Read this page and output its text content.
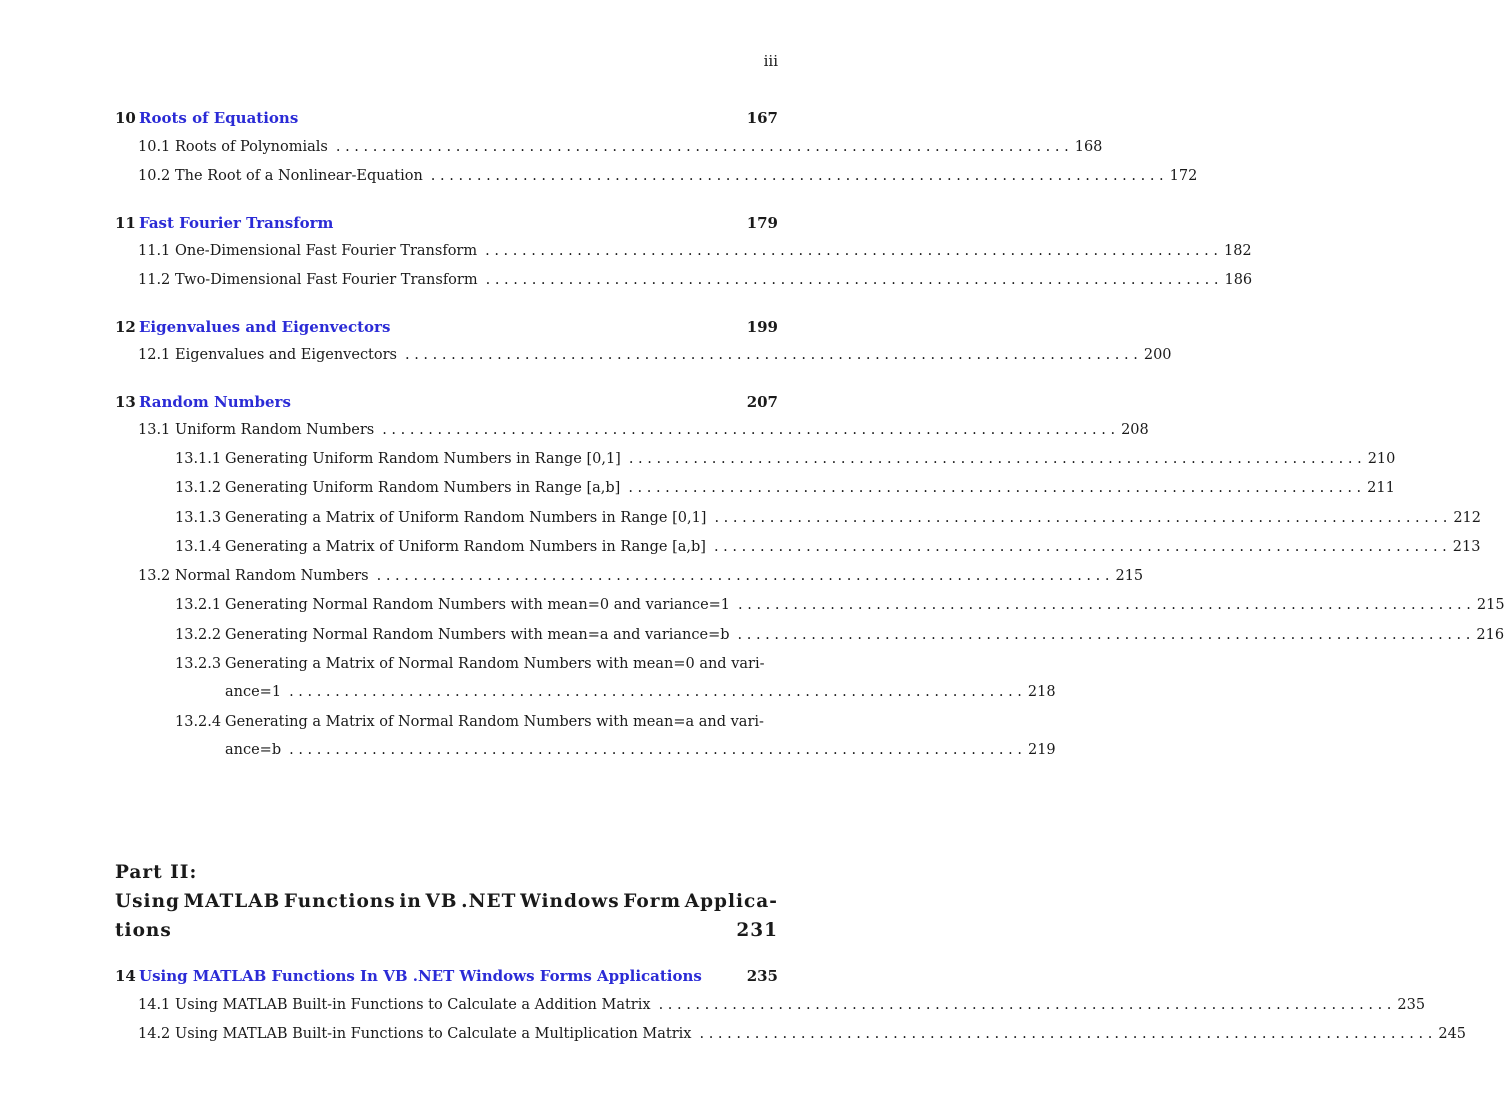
iii
10 Roots of Equations	167
10.1 Roots of Polynomials . . . . . . . . . . . . . . . . . . . . . . . . . . . . . . . . . . . . . . . . . . . . . . . . . . . . . . . . . . . . . . . . . . . . . . . . . . . . . . . . 168
10.2 The Root of a Nonlinear-Equation . . . . . . . . . . . . . . . . . . . . . . . . . . . . . . . . . . . . . . . . . . . . . . . . . . . . . . . . . . . . . . . . . . . . . . . . . . . . . . . . 172
11 Fast Fourier Transform	179
11.1 One-Dimensional Fast Fourier Transform . . . . . . . . . . . . . . . . . . . . . . . . . . . . . . . . . . . . . . . . . . . . . . . . . . . . . . . . . . . . . . . . . . . . . . . . . . . . . . . . 182
11.2 Two-Dimensional Fast Fourier Transform . . . . . . . . . . . . . . . . . . . . . . . . . . . . . . . . . . . . . . . . . . . . . . . . . . . . . . . . . . . . . . . . . . . . . . . . . . . . . . . . 186
12 Eigenvalues and Eigenvectors	199
12.1 Eigenvalues and Eigenvectors . . . . . . . . . . . . . . . . . . . . . . . . . . . . . . . . . . . . . . . . . . . . . . . . . . . . . . . . . . . . . . . . . . . . . . . . . . . . . . . . 200
13 Random Numbers	207
13.1 Uniform Random Numbers . . . . . . . . . . . . . . . . . . . . . . . . . . . . . . . . . . . . . . . . . . . . . . . . . . . . . . . . . . . . . . . . . . . . . . . . . . . . . . . . 208
13.1.1 Generating Uniform Random Numbers in Range [0,1] . . . . . . . . . . . . . . . . . . . . . . . . . . . . . . . . . . . . . . . . . . . . . . . . . . . . . . . . . . . . . . . . . . . . . . . . . . . . . . . . 210
13.1.2 Generating Uniform Random Numbers in Range [a,b] . . . . . . . . . . . . . . . . . . . . . . . . . . . . . . . . . . . . . . . . . . . . . . . . . . . . . . . . . . . . . . . . . . . . . . . . . . . . . . . . 211
13.1.3 Generating a Matrix of Uniform Random Numbers in Range [0,1] . . . . . . . . . . . . . . . . . . . . . . . . . . . . . . . . . . . . . . . . . . . . . . . . . . . . . . . . . . . . . . . . . . . . . . . . . . . . . . . . 212
13.1.4 Generating a Matrix of Uniform Random Numbers in Range [a,b] . . . . . . . . . . . . . . . . . . . . . . . . . . . . . . . . . . . . . . . . . . . . . . . . . . . . . . . . . . . . . . . . . . . . . . . . . . . . . . . . 213
13.2 Normal Random Numbers . . . . . . . . . . . . . . . . . . . . . . . . . . . . . . . . . . . . . . . . . . . . . . . . . . . . . . . . . . . . . . . . . . . . . . . . . . . . . . . . 215
13.2.1 Generating Normal Random Numbers with mean=0 and variance=1 . . . . . . . . . . . . . . . . . . . . . . . . . . . . . . . . . . . . . . . . . . . . . . . . . . . . . . . . . . . . . . . . . . . . . . . . . . . . . . . . 215
13.2.2 Generating Normal Random Numbers with mean=a and variance=b . . . . . . . . . . . . . . . . . . . . . . . . . . . . . . . . . . . . . . . . . . . . . . . . . . . . . . . . . . . . . . . . . . . . . . . . . . . . . . . . 216
13.2.3 Generating a Matrix of Normal Random Numbers with mean=0 and vari-
ance=1 . . . . . . . . . . . . . . . . . . . . . . . . . . . . . . . . . . . . . . . . . . . . . . . . . . . . . . . . . . . . . . . . . . . . . . . . . . . . . . . . 218
13.2.4 Generating a Matrix of Normal Random Numbers with mean=a and vari-
ance=b . . . . . . . . . . . . . . . . . . . . . . . . . . . . . . . . . . . . . . . . . . . . . . . . . . . . . . . . . . . . . . . . . . . . . . . . . . . . . . . . 219
Part II:
Using MATLAB Functions in VB .NET Windows Form Applica-
tions	231
14 Using MATLAB Functions In VB .NET Windows Forms Applications	235
14.1 Using MATLAB Built-in Functions to Calculate a Addition Matrix . . . . . . . . . . . . . . . . . . . . . . . . . . . . . . . . . . . . . . . . . . . . . . . . . . . . . . . . . . . . . . . . . . . . . . . . . . . . . . . . 235
14.2 Using MATLAB Built-in Functions to Calculate a Multiplication Matrix . . . . . . . . . . . . . . . . . . . . . . . . . . . . . . . . . . . . . . . . . . . . . . . . . . . . . . . . . . . . . . . . . . . . . . . . . . . . . . . . 245
